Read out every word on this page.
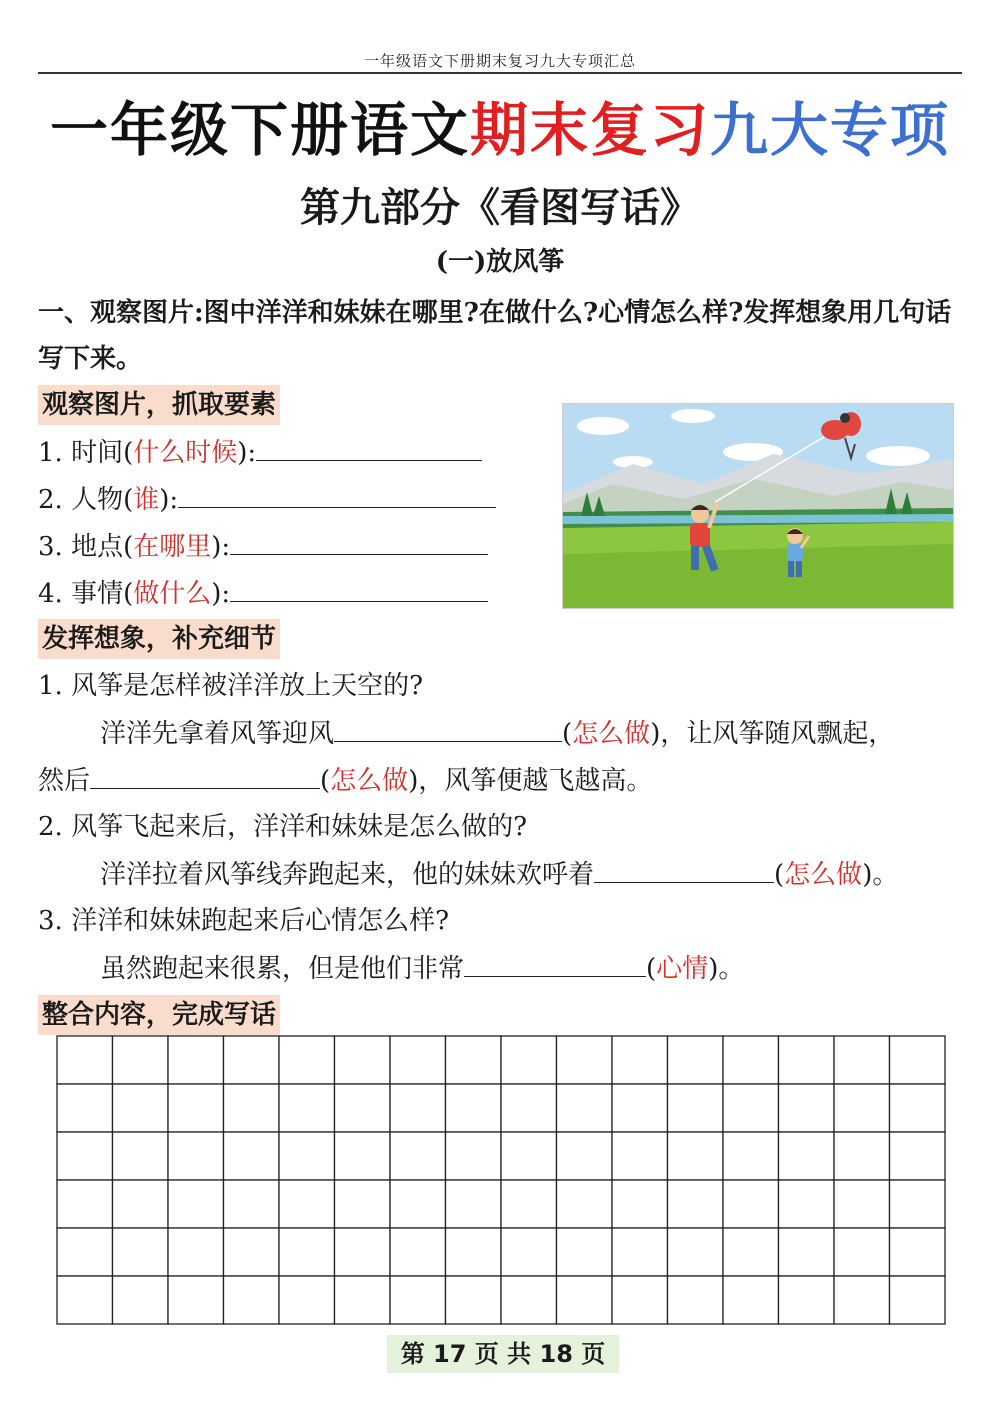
一年级语文下册期末复习九大专项汇总
一年级下册语文期末复习九大专项
第九部分《看图写话》
(一)放风筝
一、观察图片:图中洋洋和妹妹在哪里?在做什么?心情怎么样?发挥想象用几句话写下来。
观察图片，抓取要素
1. 时间(什么时候):
2. 人物(谁):
3. 地点(在哪里):
4. 事情(做什么):
发挥想象，补充细节
1. 风筝是怎样被洋洋放上天空的?
洋洋先拿着风筝迎风	(怎么做)，让风筝随风飘起，
然后	(怎么做)，风筝便越飞越高。
2. 风筝飞起来后，洋洋和妹妹是怎么做的?
洋洋拉着风筝线奔跑起来，他的妹妹欢呼着	(怎么做)。
3. 洋洋和妹妹跑起来后心情怎么样?
虽然跑起来很累，但是他们非常	(心情)。
整合内容，完成写话
第 17 页 共 18 页
